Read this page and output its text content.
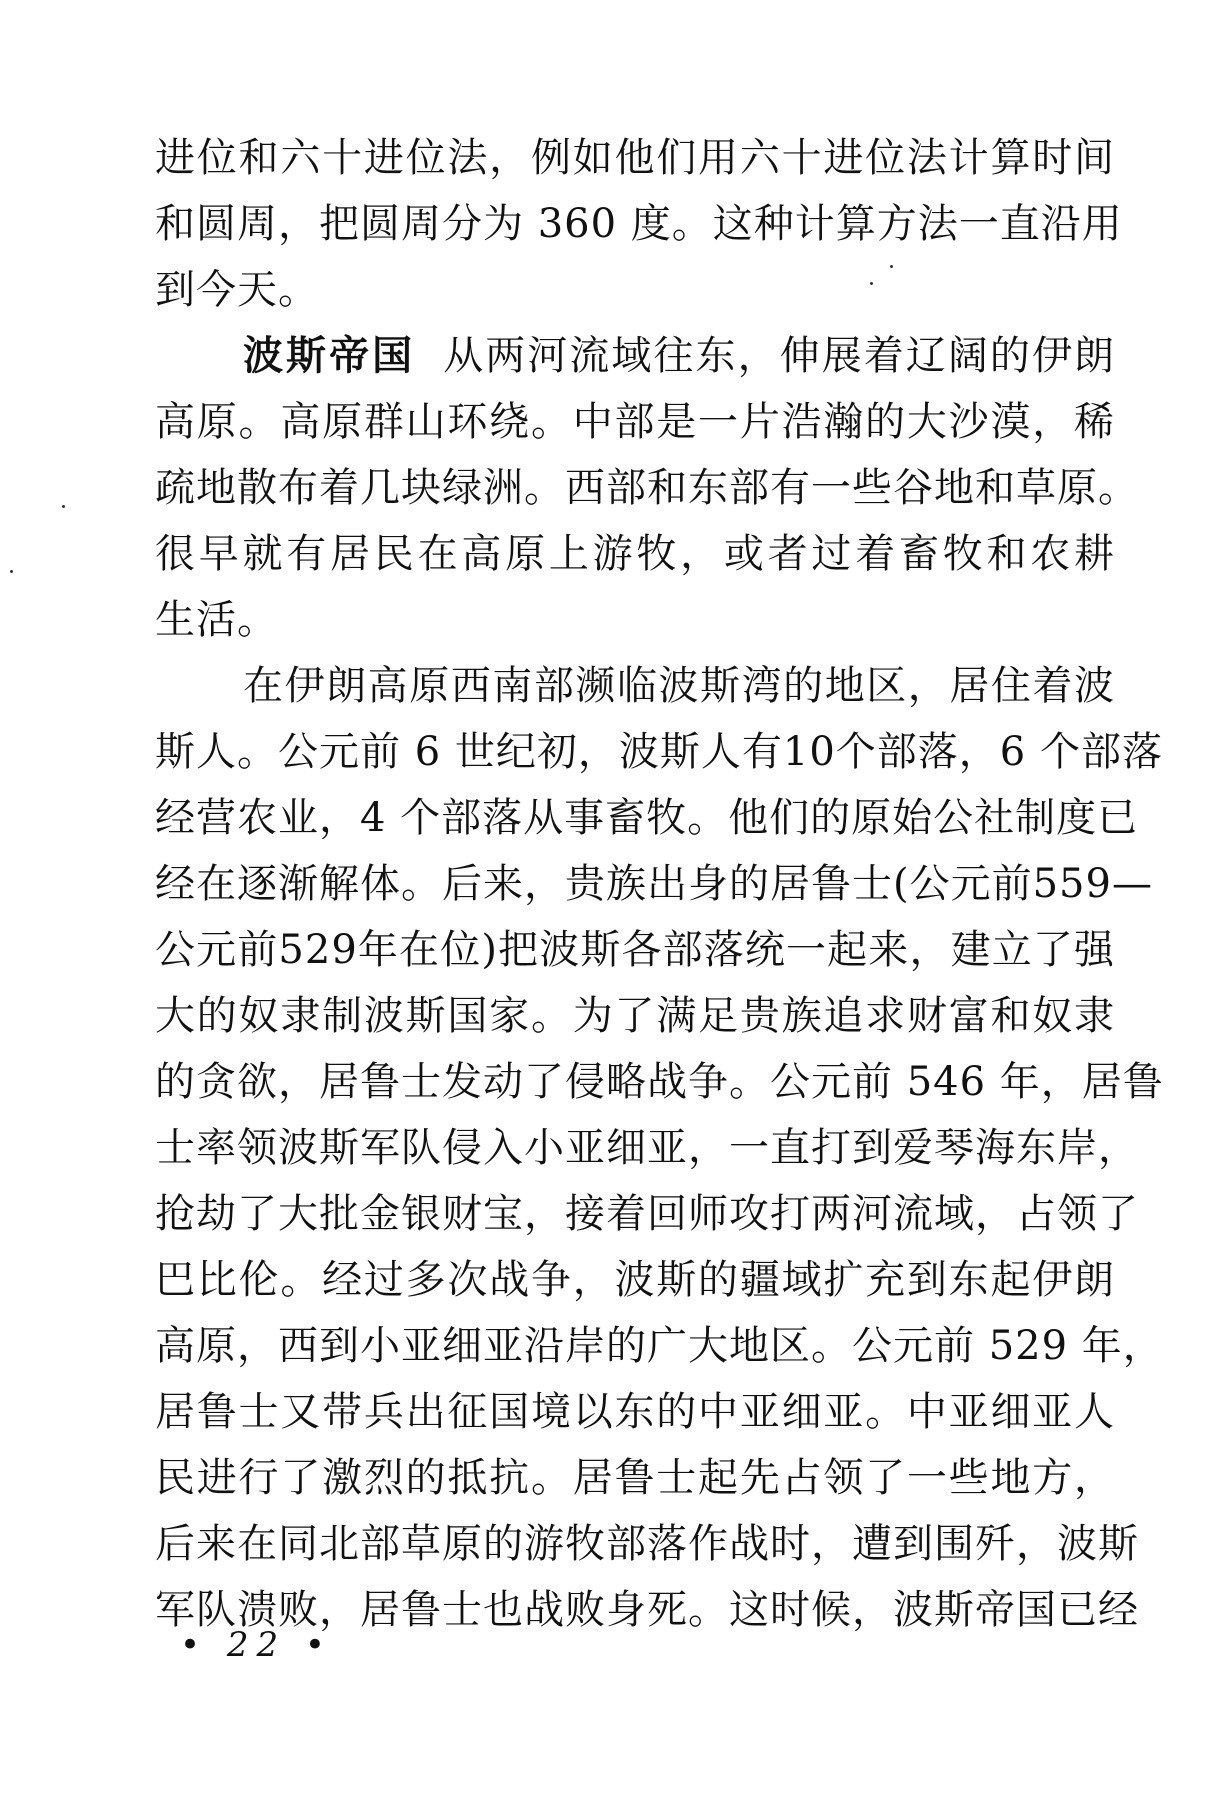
进位和六十进位法，例如他们用六十进位法计算时间
和圆周，把圆周分为 360 度。这种计算方法一直沿用
到今天。
波斯帝国 从两河流域往东，伸展着辽阔的伊朗
高原。高原群山环绕。中部是一片浩瀚的大沙漠，稀
疏地散布着几块绿洲。西部和东部有一些谷地和草原。
很早就有居民在高原上游牧，或者过着畜牧和农耕
生活。
在伊朗高原西南部濒临波斯湾的地区，居住着波
斯人。公元前 6 世纪初，波斯人有10个部落，6 个部落
经营农业，4 个部落从事畜牧。他们的原始公社制度已
经在逐渐解体。后来，贵族出身的居鲁士(公元前559—
公元前529年在位)把波斯各部落统一起来，建立了强
大的奴隶制波斯国家。为了满足贵族追求财富和奴隶
的贪欲，居鲁士发动了侵略战争。公元前 546 年，居鲁
士率领波斯军队侵入小亚细亚，一直打到爱琴海东岸，
抢劫了大批金银财宝，接着回师攻打两河流域，占领了
巴比伦。经过多次战争，波斯的疆域扩充到东起伊朗
高原，西到小亚细亚沿岸的广大地区。公元前 529 年，
居鲁士又带兵出征国境以东的中亚细亚。中亚细亚人
民进行了激烈的抵抗。居鲁士起先占领了一些地方，
后来在同北部草原的游牧部落作战时，遭到围歼，波斯
军队溃败，居鲁士也战败身死。这时候，波斯帝国已经
• 22 •
